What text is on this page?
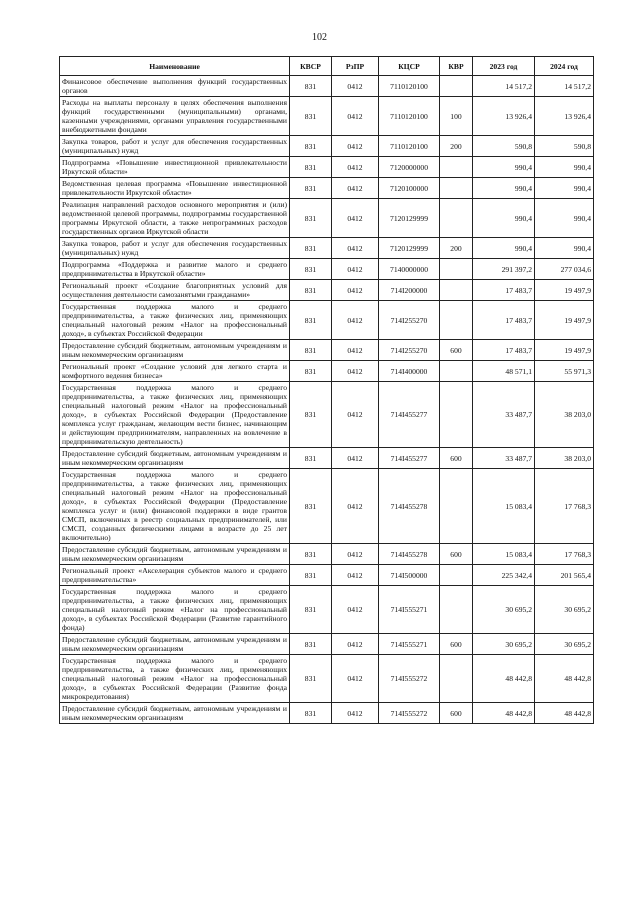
102
Наименование	КВСР	РзПР	КЦСР	КВР	2023 год	2024 год
Финансовое обеспечение выполнения функций государственных органов	831	0412	7110120100		14 517,2	14 517,2
Расходы на выплаты персоналу в целях обеспечения выполнения функций государственными (муниципальными) органами, казенными учреждениями, органами управления государственными внебюджетными фондами	831	0412	7110120100	100	13 926,4	13 926,4
Закупка товаров, работ и услуг для обеспечения государственных (муниципальных) нужд	831	0412	7110120100	200	590,8	590,8
Подпрограмма «Повышение инвестиционной привлекательности Иркутской области»	831	0412	7120000000		990,4	990,4
Ведомственная целевая программа «Повышение инвестиционной привлекательности Иркутской области»	831	0412	7120100000		990,4	990,4
Реализация направлений расходов основного мероприятия и (или) ведомственной целевой программы, подпрограммы государственной программы Иркутской области, а также непрограммных расходов государственных органов Иркутской области	831	0412	7120129999		990,4	990,4
Закупка товаров, работ и услуг для обеспечения государственных (муниципальных) нужд	831	0412	7120129999	200	990,4	990,4
Подпрограмма «Поддержка и развитие малого и среднего предпринимательства в Иркутской области»	831	0412	7140000000		291 397,2	277 034,6
Региональный проект «Создание благоприятных условий для осуществления деятельности самозанятыми гражданами»	831	0412	714I200000		17 483,7	19 497,9
Государственная поддержка малого и среднего предпринимательства, а также физических лиц, применяющих специальный налоговый режим «Налог на профессиональный доход», в субъектах Российской Федерации	831	0412	714I255270		17 483,7	19 497,9
Предоставление субсидий бюджетным, автономным учреждениям и иным некоммерческим организациям	831	0412	714I255270	600	17 483,7	19 497,9
Региональный проект «Создание условий для легкого старта и комфортного ведения бизнеса»	831	0412	714I400000		48 571,1	55 971,3
Государственная поддержка малого и среднего предпринимательства, а также физических лиц, применяющих специальный налоговый режим «Налог на профессиональный доход», в субъектах Российской Федерации (Предоставление комплекса услуг гражданам, желающим вести бизнес, начинающим и действующим предпринимателям, направленных на вовлечение в предпринимательскую деятельность)	831	0412	714I455277		33 487,7	38 203,0
Предоставление субсидий бюджетным, автономным учреждениям и иным некоммерческим организациям	831	0412	714I455277	600	33 487,7	38 203,0
Государственная поддержка малого и среднего предпринимательства, а также физических лиц, применяющих специальный налоговый режим «Налог на профессиональный доход», в субъектах Российской Федерации (Предоставление комплекса услуг и (или) финансовой поддержки в виде грантов СМСП, включенных в реестр социальных предпринимателей, или СМСП, созданных физическими лицами в возрасте до 25 лет включительно)	831	0412	714I455278		15 083,4	17 768,3
Предоставление субсидий бюджетным, автономным учреждениям и иным некоммерческим организациям	831	0412	714I455278	600	15 083,4	17 768,3
Региональный проект «Акселерация субъектов малого и среднего предпринимательства»	831	0412	714I500000		225 342,4	201 565,4
Государственная поддержка малого и среднего предпринимательства, а также физических лиц, применяющих специальный налоговый режим «Налог на профессиональный доход», в субъектах Российской Федерации (Развитие гарантийного фонда)	831	0412	714I555271		30 695,2	30 695,2
Предоставление субсидий бюджетным, автономным учреждениям и иным некоммерческим организациям	831	0412	714I555271	600	30 695,2	30 695,2
Государственная поддержка малого и среднего предпринимательства, а также физических лиц, применяющих специальный налоговый режим «Налог на профессиональный доход», в субъектах Российской Федерации (Развитие фонда микрокредитования)	831	0412	714I555272		48 442,8	48 442,8
Предоставление субсидий бюджетным, автономным учреждениям и иным некоммерческим организациям	831	0412	714I555272	600	48 442,8	48 442,8
